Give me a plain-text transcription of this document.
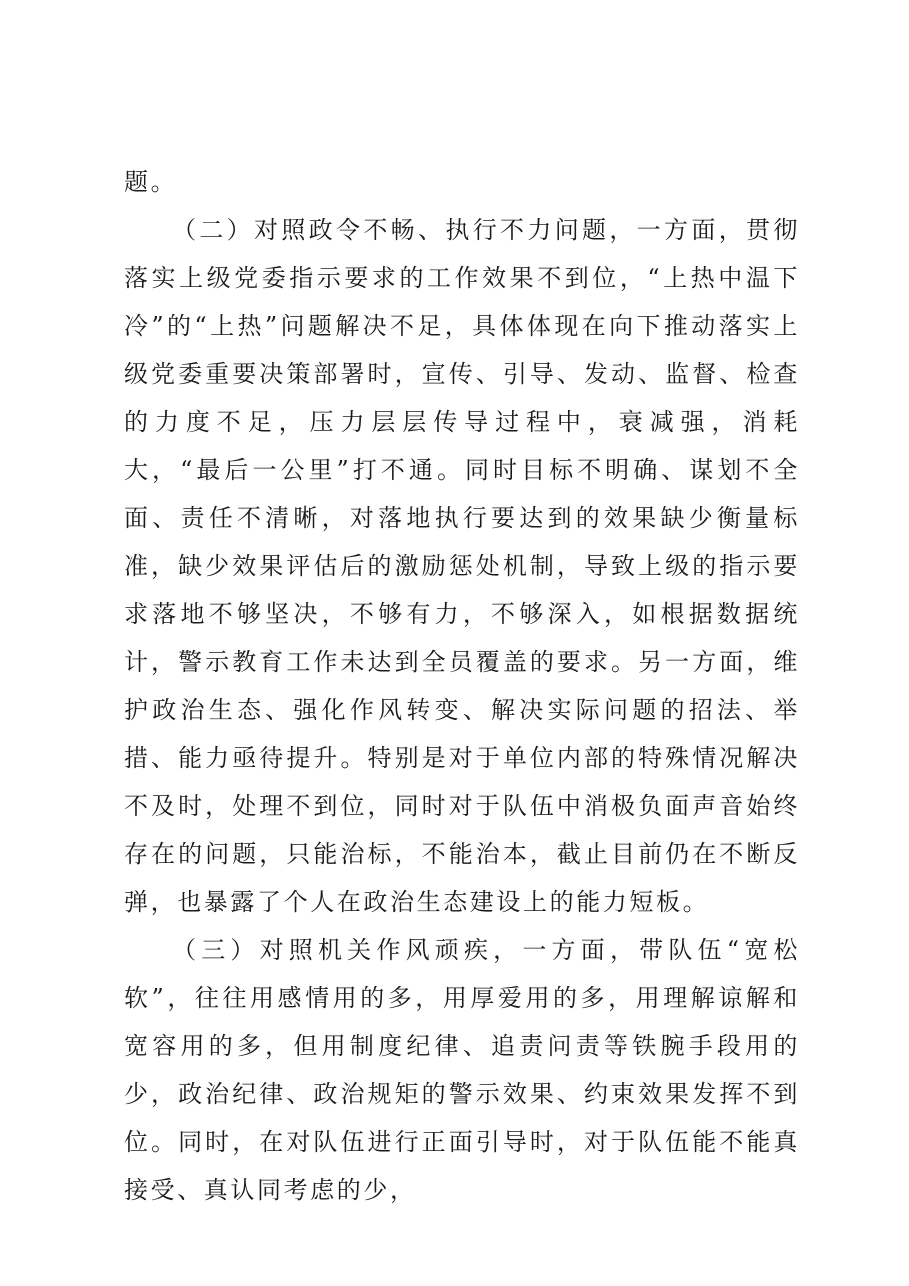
题。

（二）对照政令不畅、执行不力问题，一方面，贯彻落实上级党委指示要求的工作效果不到位，“上热中温下冷”的“上热”问题解决不足，具体体现在向下推动落实上级党委重要决策部署时，宣传、引导、发动、监督、检查的力度不足，压力层层传导过程中，衰减强，消耗大，“最后一公里”打不通。同时目标不明确、谋划不全面、责任不清晰，对落地执行要达到的效果缺少衡量标准，缺少效果评估后的激励惩处机制，导致上级的指示要求落地不够坚决，不够有力，不够深入，如根据数据统计，警示教育工作未达到全员覆盖的要求。另一方面，维护政治生态、强化作风转变、解决实际问题的招法、举措、能力亟待提升。特别是对于单位内部的特殊情况解决不及时，处理不到位，同时对于队伍中消极负面声音始终存在的问题，只能治标，不能治本，截止目前仍在不断反弹，也暴露了个人在政治生态建设上的能力短板。

（三）对照机关作风顽疾，一方面，带队伍“宽松软”，往往用感情用的多，用厚爱用的多，用理解谅解和宽容用的多，但用制度纪律、追责问责等铁腕手段用的少，政治纪律、政治规矩的警示效果、约束效果发挥不到位。同时，在对队伍进行正面引导时，对于队伍能不能真接受、真认同考虑的少，
